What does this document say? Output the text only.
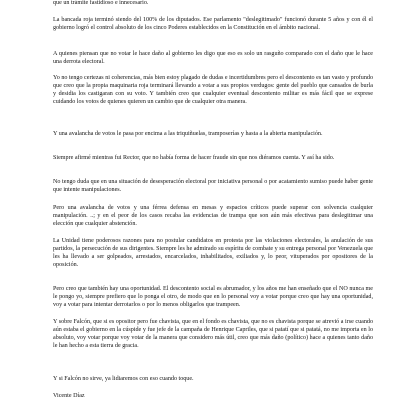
que un trámite fastidioso e innecesario.

La bancada roja terminó siendo del 100% de los diputados. Ese parlamento "deslegitimado" funcionó durante 5 años y con él el gobierno logró el control absoluto de los cinco Poderes establecidos en la Constitución en el ámbito nacional.

A quienes piensan que no votar le hace daño al gobierno les digo que eso es solo un rasguño comparado con el daño que le hace una derrota electoral.

Yo no tengo certezas ni coherencias, más bien estoy plagado de dudas e incertidumbres pero el descontento es tan vasto y profundo que creo que la propia maquinaria roja terminará llevando a votar a sus propios verdugos: gente del pueblo que cansados de burla y desidia los castigaran con su voto. Y también creo que cualquier eventual descontento militar es más fácil que se exprese cuidando los votos de quienes quieren un cambio que de cualquier otra manera.

Y una avalancha de votos le pasa por encima a las triquiñuelas, tramposerías y hasta a la abierta manipulación.

Siempre afirmé mientras fui Rector, que no había forma de hacer fraude sin que nos diéramos cuenta. Y así ha sido.

No tengo duda que en una situación de desesperación electoral por iniciativa personal o por acatamiento sumiso puede haber gente que intente manipulaciones.

Pero una avalancha de votos y una férrea defensa en mesas y espacios críticos puede superar con solvencia cualquier manipulación. ..; y en el peor de los casos recaba las evidencias de trampa que son aún más efectivas para deslegitimar una elección que cualquier abstención.

La Unidad tiene poderosos razones para no postular candidatos en protesta por las violaciones electorales, la anulación de sus partidos, la persecución de sus dirigentes. Siempre les he admirado su espíritu de combate y su entrega personal por Venezuela que les ha llevado a ser golpeados, arrestados, encarcelados, inhabilitados, exiliados y, lo peor, vituperados por opositores de la oposición.

Pero creo que también hay una oportunidad. El descontento social es abrumador, y los años me han enseñado que el NO nunca me le pongo yo, siempre prefiero que lo ponga el otro, de modo que en lo personal voy a votar porque creo que hay una oportunidad, voy a votar para intentar derrotarlos o por lo menos obligarlos que trampeen.

Y sobre Falcón, que si es opositor pero fue chavista, que en el fondo es chavista, que no es chavista porque se atrevió a irse cuando aún estaba el gobierno en la cúspide y fue jefe de la campaña de Henrique Capriles, que si patatí que si patatá, no me importa en lo absoluto, voy votar porque voy votar de la manera que considero más útil, creo que más daño (político) hace a quienes tanto daño le han hecho a esta tierra de gracia.

Y si Falcón no sirve, ya lidiaremos con eso cuando toque.

Vicente Díaz
